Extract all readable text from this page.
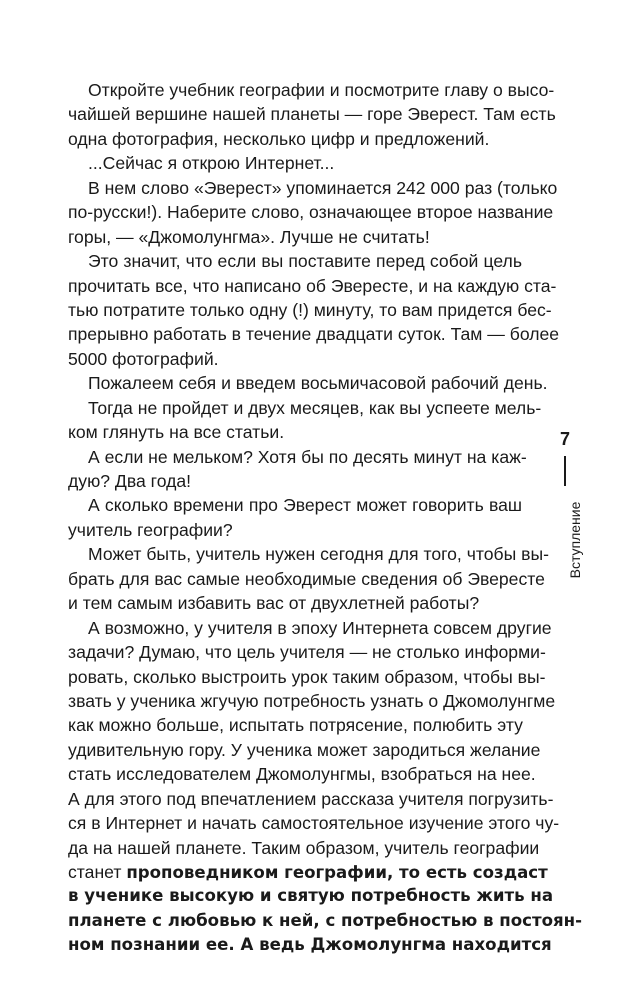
Откройте учебник географии и посмотрите главу о высо-
чайшей вершине нашей планеты — горе Эверест. Там есть
одна фотография, несколько цифр и предложений.
...Сейчас я открою Интернет...
В нем слово «Эверест» упоминается 242 000 раз (только
по-русски!). Наберите слово, означающее второе название
горы, — «Джомолунгма». Лучше не считать!
Это значит, что если вы поставите перед собой цель
прочитать все, что написано об Эвересте, и на каждую ста-
тью потратите только одну (!) минуту, то вам придется бес-
прерывно работать в течение двадцати суток. Там — более
5000 фотографий.
Пожалеем себя и введем восьмичасовой рабочий день.
Тогда не пройдет и двух месяцев, как вы успеете мель-
ком глянуть на все статьи.
А если не мельком? Хотя бы по десять минут на каж-
дую? Два года!
А сколько времени про Эверест может говорить ваш
учитель географии?
Может быть, учитель нужен сегодня для того, чтобы вы-
брать для вас самые необходимые сведения об Эвересте
и тем самым избавить вас от двухлетней работы?
А возможно, у учителя в эпоху Интернета совсем другие
задачи? Думаю, что цель учителя — не столько информи-
ровать, сколько выстроить урок таким образом, чтобы вы-
звать у ученика жгучую потребность узнать о Джомолунгме
как можно больше, испытать потрясение, полюбить эту
удивительную гору. У ученика может зародиться желание
стать исследователем Джомолунгмы, взобраться на нее.
А для этого под впечатлением рассказа учителя погрузить-
ся в Интернет и начать самостоятельное изучение этого чу-
да на нашей планете. Таким образом, учитель географии
станет проповедником географии, то есть создаст
в ученике высокую и святую потребность жить на
планете с любовью к ней, с потребностью в постоян-
ном познании ее. А ведь Джомолунгма находится
7
Вступление
